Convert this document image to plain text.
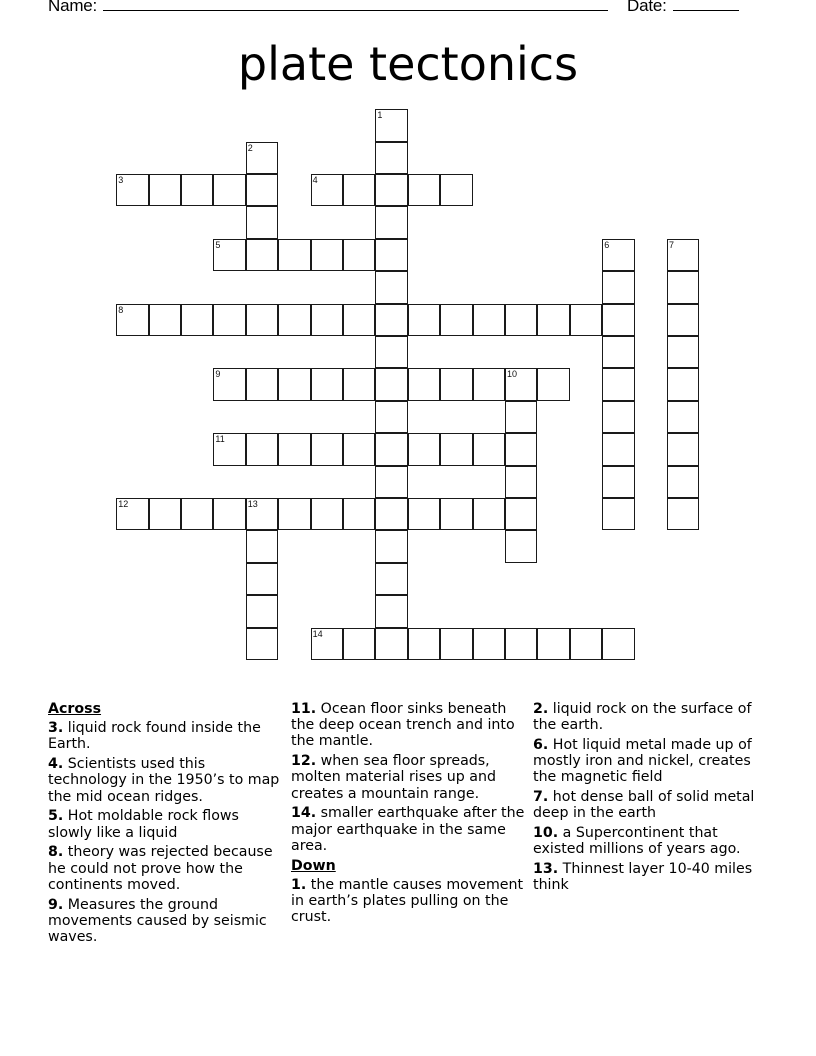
Name:	Date:
plate tectonics
1
2
3	4
5	6	7
8
9	10
11
12	13
14
Across
3. liquid rock found inside the Earth.
4. Scientists used this technology in the 1950’s to map the mid ocean ridges.
5. Hot moldable rock flows slowly like a liquid
8. theory was rejected because he could not prove how the continents moved.
9. Measures the ground movements caused by seismic waves.
11. Ocean floor sinks beneath the deep ocean trench and into the mantle.
12. when sea floor spreads, molten material rises up and creates a mountain range.
14. smaller earthquake after the major earthquake in the same area.
Down
1. the mantle causes movement in earth’s plates pulling on the crust.
2. liquid rock on the surface of the earth.
6. Hot liquid metal made up of mostly iron and nickel, creates the magnetic field
7. hot dense ball of solid metal deep in the earth
10. a Supercontinent that existed millions of years ago.
13. Thinnest layer 10-40 miles think
